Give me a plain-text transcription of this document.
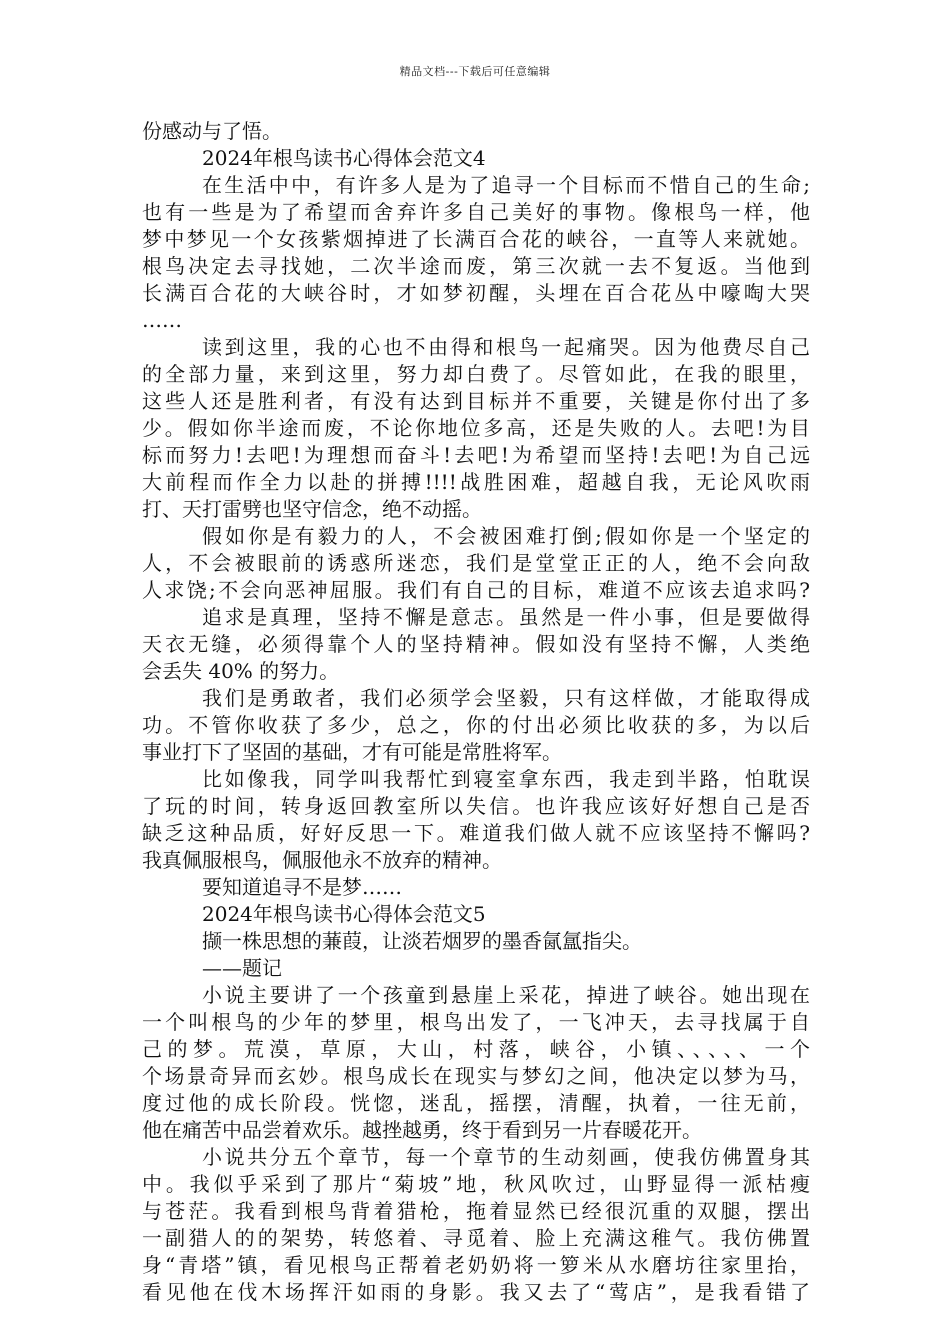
精品文档---下载后可任意编辑
份感动与了悟。
2024年根鸟读书心得体会范文4
在生活中中，有许多人是为了追寻一个目标而不惜自己的生命;
也有一些是为了希望而舍弃许多自己美好的事物。像根鸟一样，他
梦中梦见一个女孩紫烟掉进了长满百合花的峡谷，一直等人来就她。
根鸟决定去寻找她，二次半途而废，第三次就一去不复返。当他到
长满百合花的大峡谷时，才如梦初醒，头埋在百合花丛中嚎啕大哭
……
读到这里，我的心也不由得和根鸟一起痛哭。因为他费尽自己
的全部力量，来到这里，努力却白费了。尽管如此，在我的眼里，
这些人还是胜利者，有没有达到目标并不重要，关键是你付出了多
少。假如你半途而废，不论你地位多高，还是失败的人。去吧!为目
标而努力!去吧!为理想而奋斗!去吧!为希望而坚持!去吧!为自己远
大前程而作全力以赴的拼搏!!!!战胜困难，超越自我，无论风吹雨
打、天打雷劈也坚守信念，绝不动摇。
假如你是有毅力的人，不会被困难打倒;假如你是一个坚定的
人，不会被眼前的诱惑所迷恋，我们是堂堂正正的人，绝不会向敌
人求饶;不会向恶神屈服。我们有自己的目标，难道不应该去追求吗?
追求是真理，坚持不懈是意志。虽然是一件小事，但是要做得
天衣无缝，必须得靠个人的坚持精神。假如没有坚持不懈，人类绝
会丢失 40% 的努力。
我们是勇敢者，我们必须学会坚毅，只有这样做，才能取得成
功。不管你收获了多少，总之，你的付出必须比收获的多，为以后
事业打下了坚固的基础，才有可能是常胜将军。
比如像我，同学叫我帮忙到寝室拿东西，我走到半路，怕耽误
了玩的时间，转身返回教室所以失信。也许我应该好好想自己是否
缺乏这种品质，好好反思一下。难道我们做人就不应该坚持不懈吗?
我真佩服根鸟，佩服他永不放弃的精神。
要知道追寻不是梦……
2024年根鸟读书心得体会范文5
撷一株思想的蒹葭，让淡若烟罗的墨香氤氲指尖。
——题记
小说主要讲了一个孩童到悬崖上采花，掉进了峡谷。她出现在
一个叫根鸟的少年的梦里，根鸟出发了，一飞冲天，去寻找属于自
己的梦。荒漠，草原，大山，村落，峡谷，小镇、、、、、一个
个场景奇异而玄妙。根鸟成长在现实与梦幻之间，他决定以梦为马，
度过他的成长阶段。恍惚，迷乱，摇摆，清醒，执着，一往无前，
他在痛苦中品尝着欢乐。越挫越勇，终于看到另一片春暖花开。
小说共分五个章节，每一个章节的生动刻画，使我仿佛置身其
中。我似乎采到了那片“菊坡”地，秋风吹过，山野显得一派枯瘦
与苍茫。我看到根鸟背着猎枪，拖着显然已经很沉重的双腿，摆出
一副猎人的的架势，转悠着、寻觅着、脸上充满这稚气。我仿佛置
身“青塔”镇，看见根鸟正帮着老奶奶将一箩米从水磨坊往家里抬，
看见他在伐木场挥汗如雨的身影。我又去了“莺店”，是我看错了
